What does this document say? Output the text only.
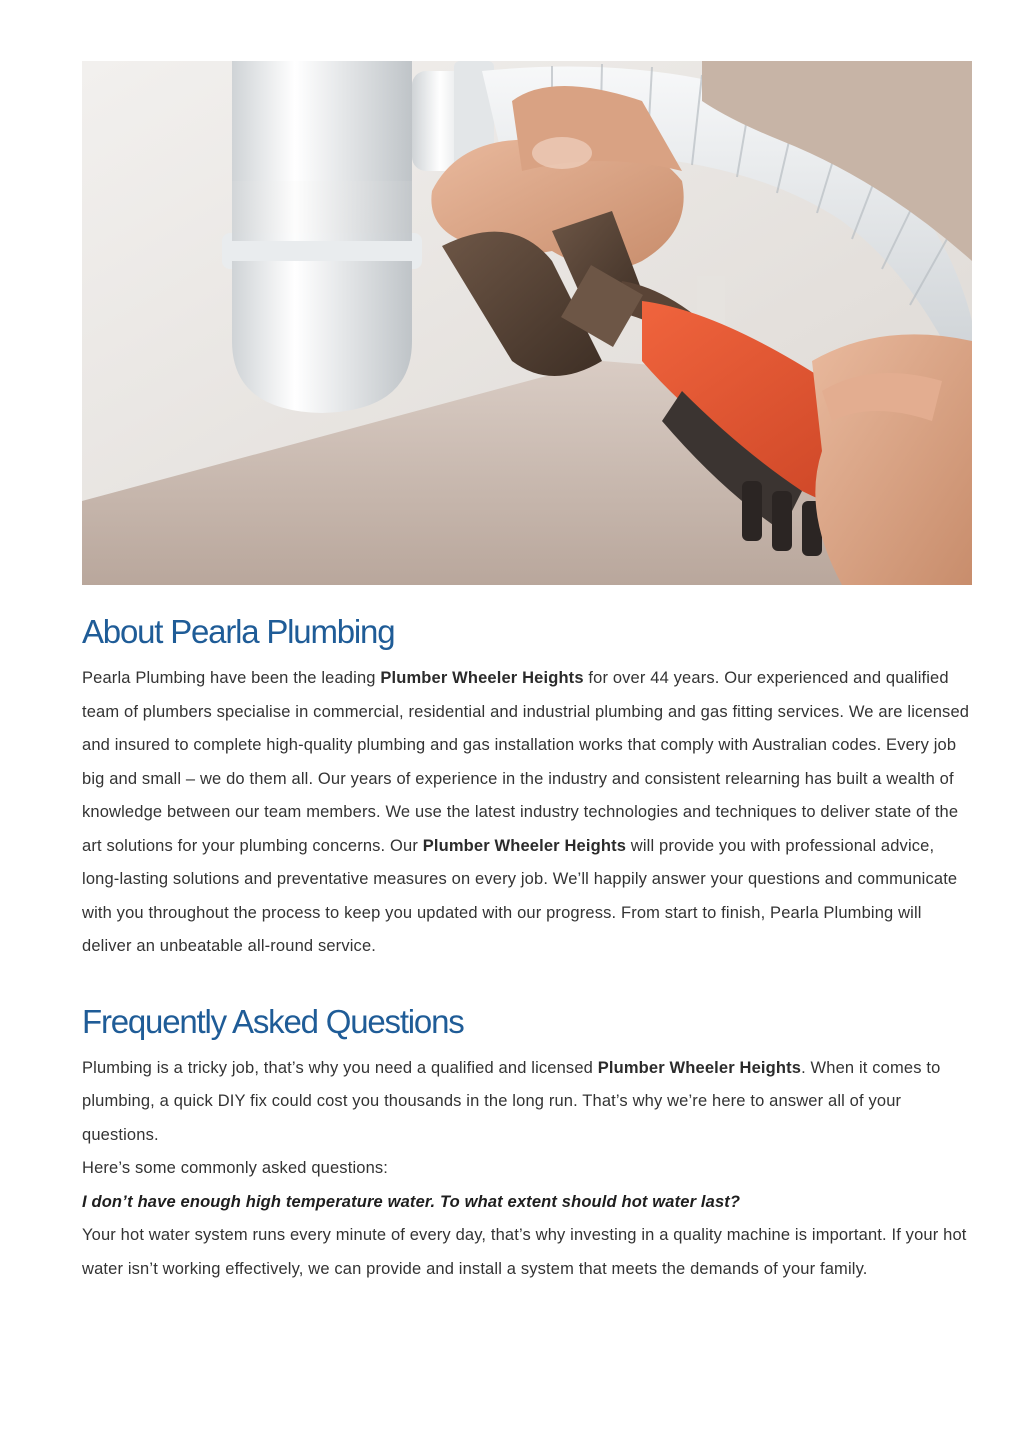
About Pearla Plumbing

Pearla Plumbing have been the leading Plumber Wheeler Heights for over 44 years. Our experienced and qualified team of plumbers specialise in commercial, residential and industrial plumbing and gas fitting services. We are licensed and insured to complete high-quality plumbing and gas installation works that comply with Australian codes. Every job big and small – we do them all. Our years of experience in the industry and consistent relearning has built a wealth of knowledge between our team members. We use the latest industry technologies and techniques to deliver state of the art solutions for your plumbing concerns. Our Plumber Wheeler Heights will provide you with professional advice, long-lasting solutions and preventative measures on every job. We’ll happily answer your questions and communicate with you throughout the process to keep you updated with our progress. From start to finish, Pearla Plumbing will deliver an unbeatable all-round service.

Frequently Asked Questions

Plumbing is a tricky job, that’s why you need a qualified and licensed Plumber Wheeler Heights. When it comes to plumbing, a quick DIY fix could cost you thousands in the long run. That’s why we’re here to answer all of your questions.

Here’s some commonly asked questions:

I don’t have enough high temperature water. To what extent should hot water last?

Your hot water system runs every minute of every day, that’s why investing in a quality machine is important. If your hot water isn’t working effectively, we can provide and install a system that meets the demands of your family.
